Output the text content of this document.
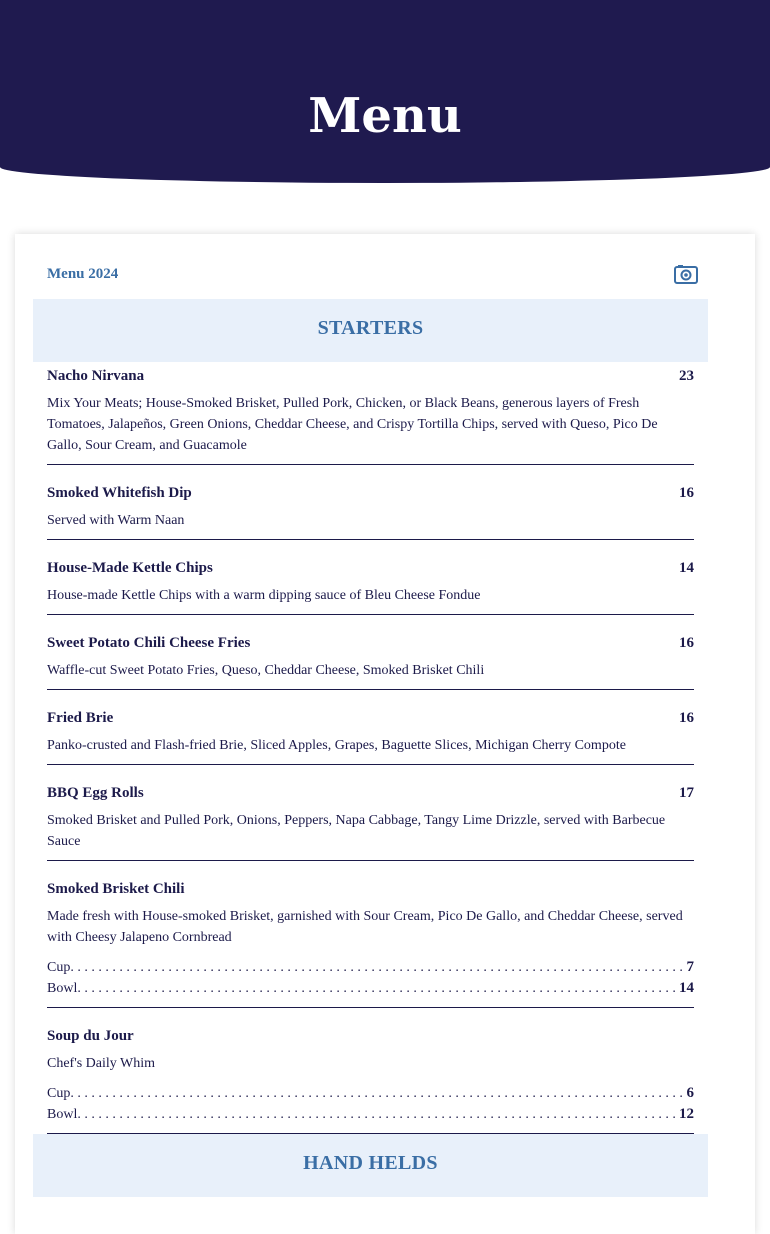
Menu
Menu 2024
STARTERS
Nacho Nirvana	23
Mix Your Meats; House-Smoked Brisket, Pulled Pork, Chicken, or Black Beans, generous layers of Fresh Tomatoes, Jalapeños, Green Onions, Cheddar Cheese, and Crispy Tortilla Chips, served with Queso, Pico De Gallo, Sour Cream, and Guacamole
Smoked Whitefish Dip	16
Served with Warm Naan
House-Made Kettle Chips	14
House-made Kettle Chips with a warm dipping sauce of Bleu Cheese Fondue
Sweet Potato Chili Cheese Fries	16
Waffle-cut Sweet Potato Fries, Queso, Cheddar Cheese, Smoked Brisket Chili
Fried Brie	16
Panko-crusted and Flash-fried Brie, Sliced Apples, Grapes, Baguette Slices, Michigan Cherry Compote
BBQ Egg Rolls	17
Smoked Brisket and Pulled Pork, Onions, Peppers, Napa Cabbage, Tangy Lime Drizzle, served with Barbecue Sauce
Smoked Brisket Chili
Made fresh with House-smoked Brisket, garnished with Sour Cream, Pico De Gallo, and Cheddar Cheese, served with Cheesy Jalapeno Cornbread
Cup . . .	7
Bowl . . .	14
Soup du Jour
Chef's Daily Whim
Cup . . .	6
Bowl . . .	12
HAND HELDS
